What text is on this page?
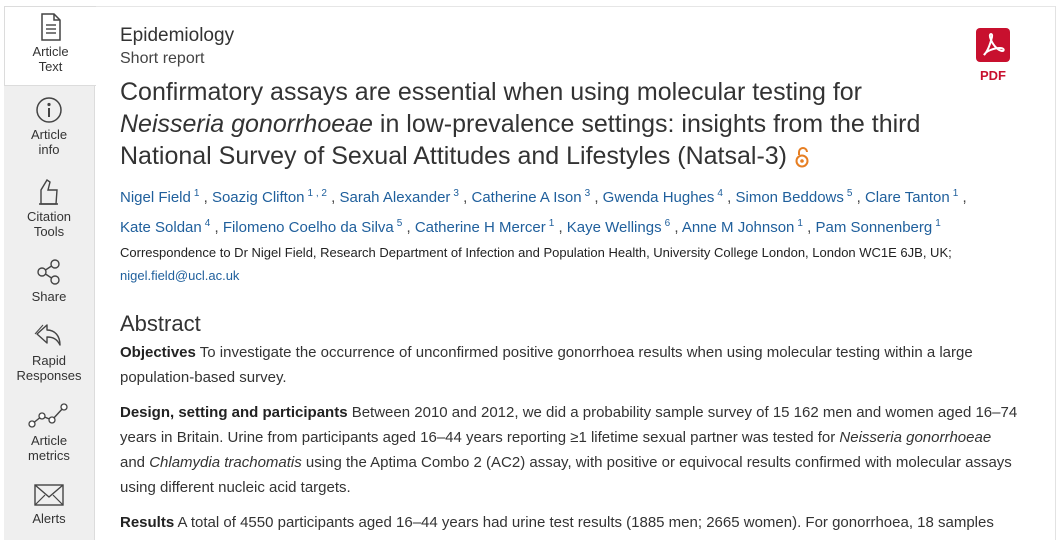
Article
Text
Article
info
Citation
Tools
Share
Rapid
Responses
Article
metrics
Alerts
Epidemiology
Short report
Confirmatory assays are essential when using molecular testing for Neisseria gonorrhoeae in low-prevalence settings: insights from the third National Survey of Sexual Attitudes and Lifestyles (Natsal-3)
PDF
Nigel Field $^1$ , Soazig Clifton $^{1 , 2}$ , Sarah Alexander $^3$ , Catherine A Ison $^3$ , Gwenda Hughes $^4$ , Simon Beddows $^5$ , Clare Tanton $^1$ ,
Kate Soldan $^4$ , Filomeno Coelho da Silva $^5$ , Catherine H Mercer $^1$ , Kaye Wellings $^6$ , Anne M Johnson $^1$ , Pam Sonnenberg $^1$
Correspondence to Dr Nigel Field, Research Department of Infection and Population Health, University College London, London WC1E 6JB, UK; nigel.field@ucl.ac.uk
Abstract

Objectives To investigate the occurrence of unconfirmed positive gonorrhoea results when using molecular testing within a large population-based survey.

Design, setting and participants Between 2010 and 2012, we did a probability sample survey of 15 162 men and women aged 16–74 years in Britain. Urine from participants aged 16–44 years reporting ≥1 lifetime sexual partner was tested for Neisseria gonorrhoeae and Chlamydia trachomatis using the Aptima Combo 2 (AC2) assay, with positive or equivocal results confirmed with molecular assays using different nucleic acid targets.

Results A total of 4550 participants aged 16–44 years had urine test results (1885 men; 2665 women). For gonorrhoea, 18 samples
